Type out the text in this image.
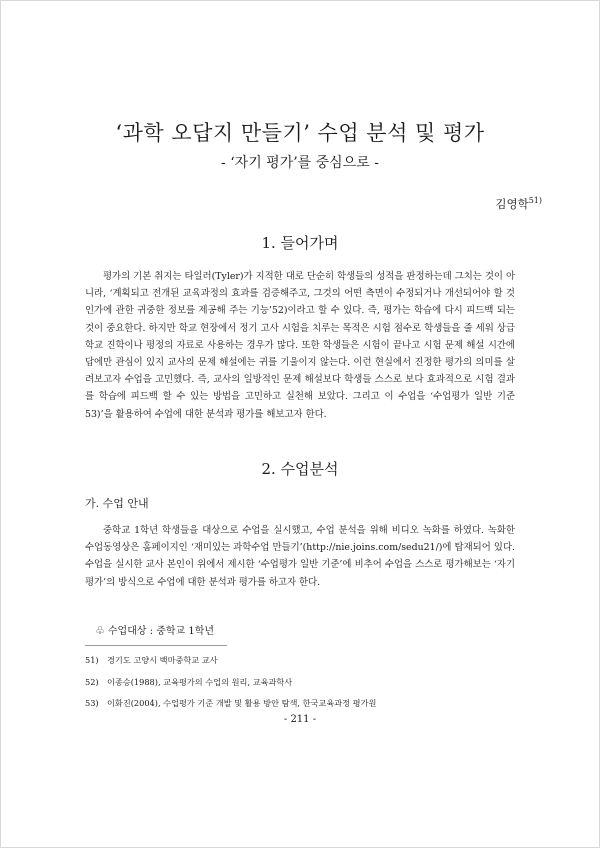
‘과학 오답지 만들기’ 수업 분석 및 평가
- ‘자기 평가’를 중심으로 -
김영학$^{51)}$
1. 들어가며
평가의 기본 취지는 타일러(Tyler)가 지적한 대로 단순히 학생들의 성적을 판정하는데 그치는 것이 아니라, ‘계획되고 전개된 교육과정의 효과를 검증해주고, 그것의 어떤 측면이 수정되거나 개선되어야 할 것인가에 관한 귀중한 정보를 제공해 주는 기능’52)이라고 할 수 있다. 즉, 평가는 학습에 다시 피드백 되는 것이 중요한다. 하지만 학교 현장에서 정기 고사 시험을 치루는 목적은 시험 점수로 학생들을 줄 세워 상급 학교 진학이나 평정의 자료로 사용하는 경우가 많다. 또한 학생들은 시험이 끝나고 시험 문제 해설 시간에 답에만 관심이 있지 교사의 문제 해설에는 귀를 기울이지 않는다. 이런 현실에서 진정한 평가의 의미를 살려보고자 수업을 고민했다. 즉, 교사의 일방적인 문제 해설보다 학생들 스스로 보다 효과적으로 시험 결과를 학습에 피드백 할 수 있는 방법을 고민하고 실천해 보았다. 그리고 이 수업을 ‘수업평가 일반 기준53)’을 활용하여 수업에 대한 분석과 평가를 해보고자 한다.
2. 수업분석
가. 수업 안내
중학교 1학년 학생들을 대상으로 수업을 실시했고, 수업 분석을 위해 비디오 녹화를 하였다. 녹화한 수업동영상은 홈페이지인 ‘재미있는 과학수업 만들기’(http://nie.joins.com/sedu21/)에 탑재되어 있다. 수업을 실시한 교사 본인이 위에서 제시한 ‘수업평가 일반 기준’에 비추어 수업을 스스로 평가해보는 ‘자기평가’의 방식으로 수업에 대한 분석과 평가를 하고자 한다.
♧ 수업대상 : 중학교 1학년
51) 경기도 고양시 백마중학교 교사
52) 이종승(1988), 교육평가의 수업의 원리, 교육과학사
53) 이화진(2004), 수업평가 기준 개발 및 활용 방안 탐색, 한국교육과정 평가원
- 211 -
